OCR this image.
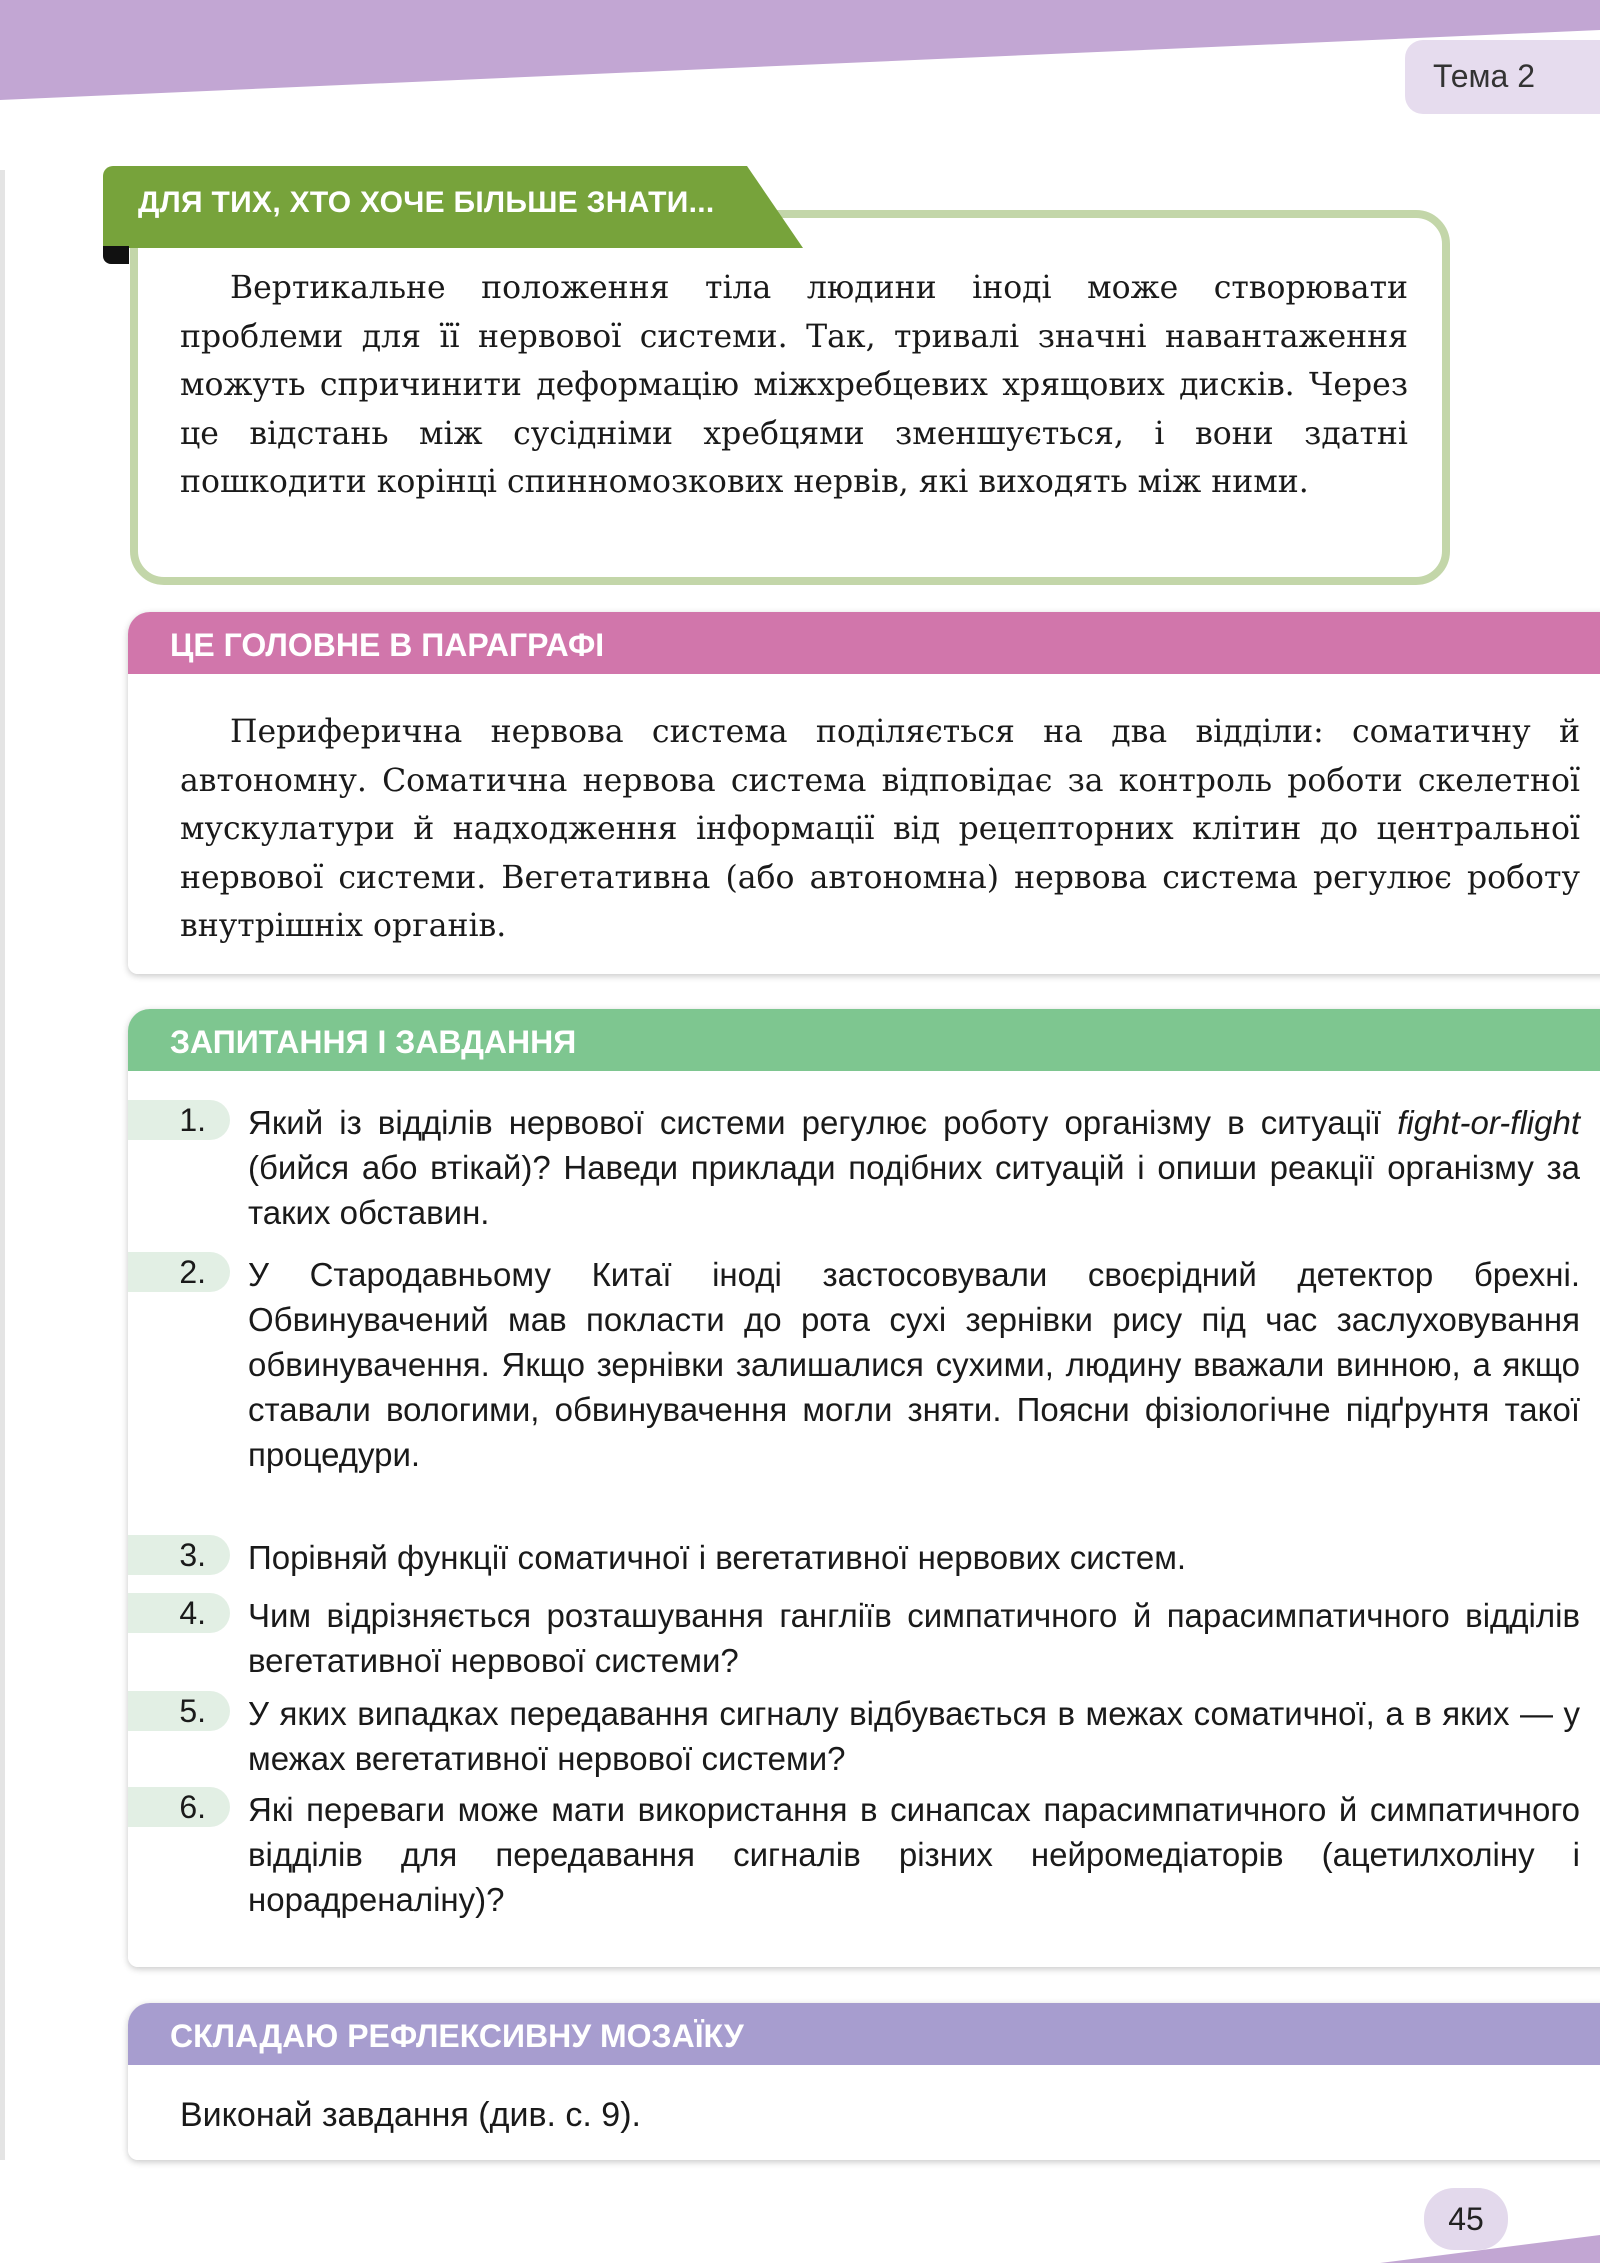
Тема 2
ДЛЯ ТИХ, ХТО ХОЧЕ БІЛЬШЕ ЗНАТИ...

Вертикальне положення тіла людини іноді може створювати проблеми для її нервової системи. Так, тривалі значні навантаження можуть спричинити деформацію міжхребцевих хрящових дисків. Через це відстань між сусідніми хребцями зменшується, і вони здатні пошкодити корінці спинномозкових нервів, які виходять між ними.

ЦЕ ГОЛОВНЕ В ПАРАГРАФІ

Периферична нервова система поділяється на два відділи: соматичну й автономну. Соматична нервова система відповідає за контроль роботи скелетної мускулатури й надходження інформації від рецепторних клітин до центральної нервової системи. Вегетативна (або автономна) нервова система регулює роботу внутрішніх органів.

ЗАПИТАННЯ І ЗАВДАННЯ
1.	Який із відділів нервової системи регулює роботу організму в ситуації fight-or-flight (бийся або втікай)? Наведи приклади подібних ситуацій і опиши реакції організму за таких обставин.

2.	У Стародавньому Китаї іноді застосовували своєрідний детектор брехні. Обвинувачений мав покласти до рота сухі зернівки рису під час заслуховування обвинувачення. Якщо зернівки залишалися сухими, людину вважали винною, а якщо ставали вологими, обвинувачення могли зняти. Поясни фізіологічне підґрунтя такої процедури.

3.	Порівняй функції соматичної і вегетативної нервових систем.

4.	Чим відрізняється розташування гангліїв симпатичного й парасимпатичного відділів вегетативної нервової системи?

5.	У яких випадках передавання сигналу відбувається в межах соматичної, а в яких — у межах вегетативної нервової системи?

6.	Які переваги може мати використання в синапсах парасимпатичного й симпатичного відділів для передавання сигналів різних нейромедіаторів (ацетилхоліну і норадреналіну)?

СКЛАДАЮ РЕФЛЕКСИВНУ МОЗАЇКУ

Виконай завдання (див. с. 9).

45
